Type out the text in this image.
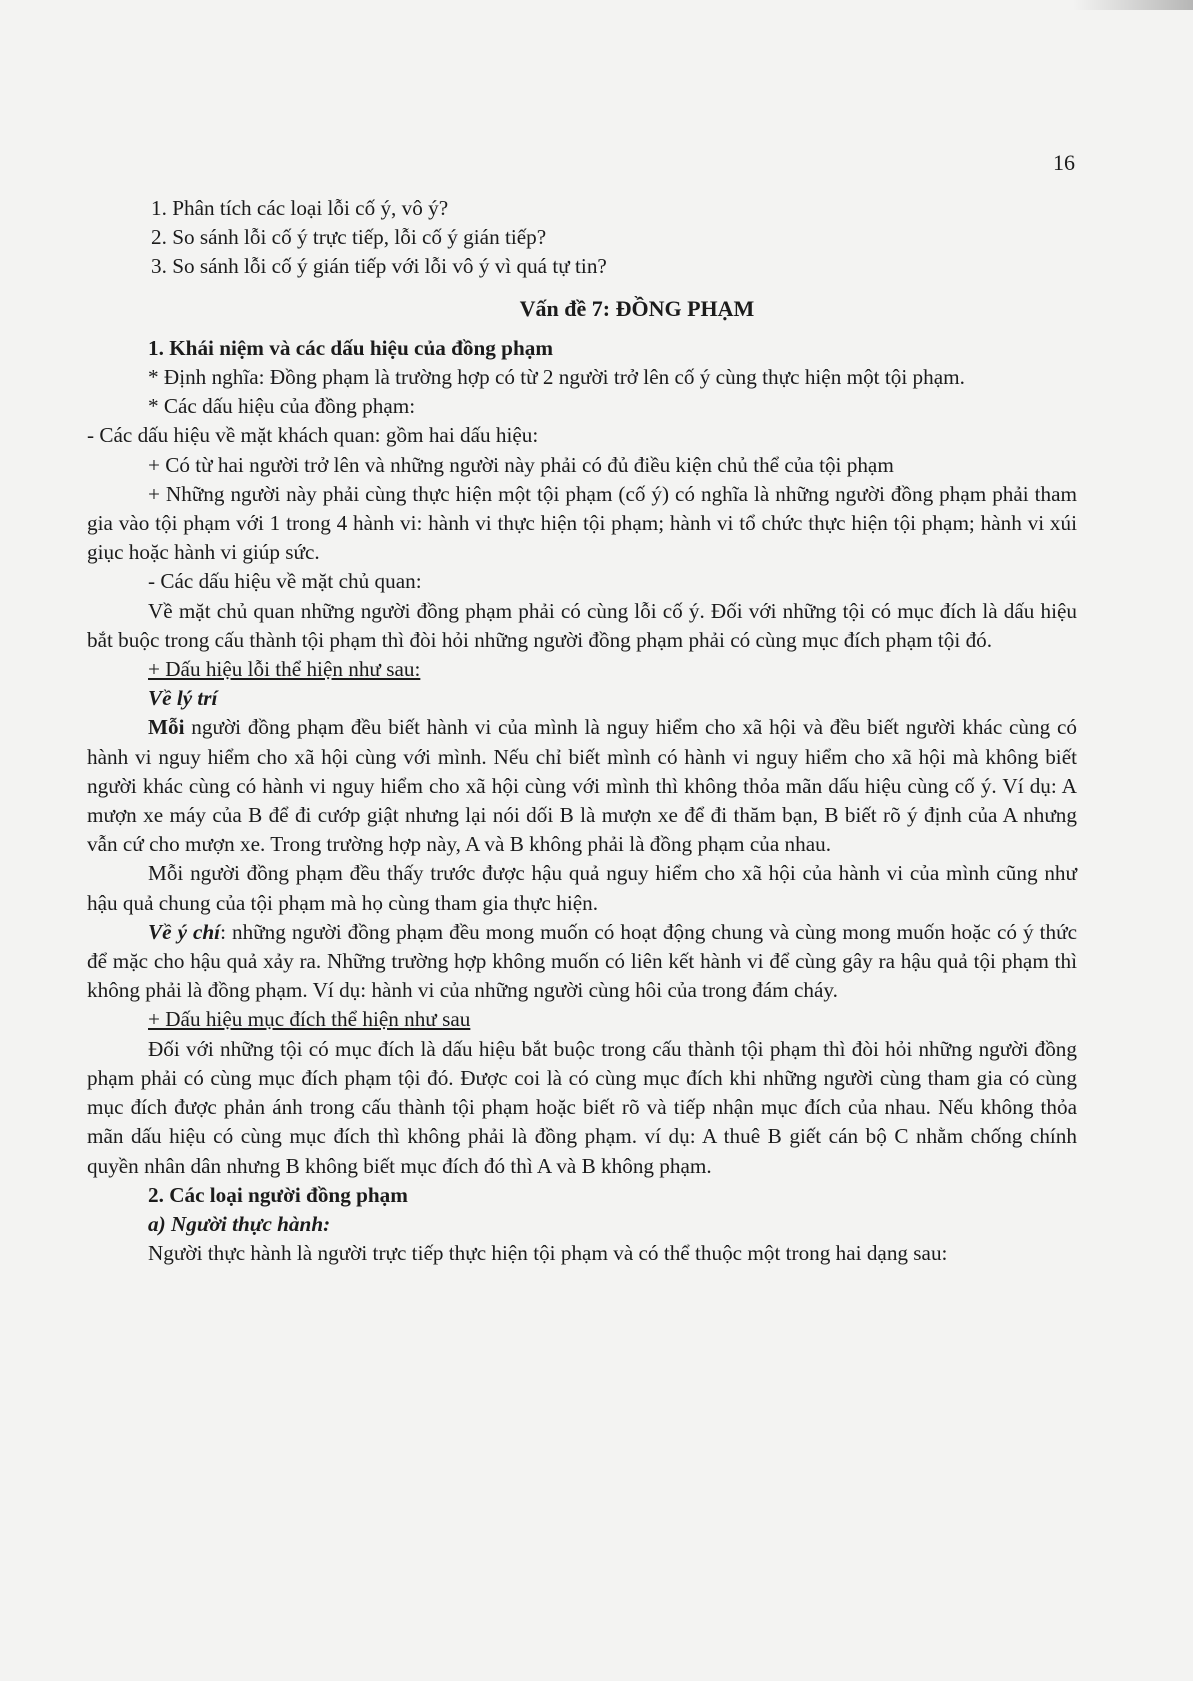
16

1. Phân tích các loại lỗi cố ý, vô ý?

2. So sánh lỗi cố ý trực tiếp, lỗi cố ý gián tiếp?

3. So sánh lỗi cố ý gián tiếp với lỗi vô ý vì quá tự tin?

Vấn đề 7: ĐỒNG PHẠM

1. Khái niệm và các dấu hiệu của đồng phạm

* Định nghĩa: Đồng phạm là trường hợp có từ 2 người trở lên cố ý cùng thực hiện một tội phạm.

* Các dấu hiệu của đồng phạm:

- Các dấu hiệu về mặt khách quan: gồm hai dấu hiệu:

+ Có từ hai người trở lên và những người này phải có đủ điều kiện chủ thể của tội phạm

+ Những người này phải cùng thực hiện một tội phạm (cố ý) có nghĩa là những người đồng phạm phải tham gia vào tội phạm với 1 trong 4 hành vi: hành vi thực hiện tội phạm; hành vi tổ chức thực hiện tội phạm; hành vi xúi giục hoặc hành vi giúp sức.

- Các dấu hiệu về mặt chủ quan:

Về mặt chủ quan những người đồng phạm phải có cùng lỗi cố ý. Đối với những tội có mục đích là dấu hiệu bắt buộc trong cấu thành tội phạm thì đòi hỏi những người đồng phạm phải có cùng mục đích phạm tội đó.

+ Dấu hiệu lỗi thể hiện như sau:

Về lý trí

Mỗi người đồng phạm đều biết hành vi của mình là nguy hiểm cho xã hội và đều biết người khác cùng có hành vi nguy hiểm cho xã hội cùng với mình. Nếu chỉ biết mình có hành vi nguy hiểm cho xã hội mà không biết người khác cùng có hành vi nguy hiểm cho xã hội cùng với mình thì không thỏa mãn dấu hiệu cùng cố ý. Ví dụ: A mượn xe máy của B để đi cướp giật nhưng lại nói dối B là mượn xe để đi thăm bạn, B biết rõ ý định của A nhưng vẫn cứ cho mượn xe. Trong trường hợp này, A và B không phải là đồng phạm của nhau.

Mỗi người đồng phạm đều thấy trước được hậu quả nguy hiểm cho xã hội của hành vi của mình cũng như hậu quả chung của tội phạm mà họ cùng tham gia thực hiện.

Về ý chí: những người đồng phạm đều mong muốn có hoạt động chung và cùng mong muốn hoặc có ý thức để mặc cho hậu quả xảy ra. Những trường hợp không muốn có liên kết hành vi để cùng gây ra hậu quả tội phạm thì không phải là đồng phạm. Ví dụ: hành vi của những người cùng hôi của trong đám cháy.

+ Dấu hiệu mục đích thể hiện như sau

Đối với những tội có mục đích là dấu hiệu bắt buộc trong cấu thành tội phạm thì đòi hỏi những người đồng phạm phải có cùng mục đích phạm tội đó. Được coi là có cùng mục đích khi những người cùng tham gia có cùng mục đích được phản ánh trong cấu thành tội phạm hoặc biết rõ và tiếp nhận mục đích của nhau. Nếu không thỏa mãn dấu hiệu có cùng mục đích thì không phải là đồng phạm. ví dụ: A thuê B giết cán bộ C nhằm chống chính quyền nhân dân nhưng B không biết mục đích đó thì A và B không phạm.

2. Các loại người đồng phạm

a) Người thực hành:

Người thực hành là người trực tiếp thực hiện tội phạm và có thể thuộc một trong hai dạng sau:
